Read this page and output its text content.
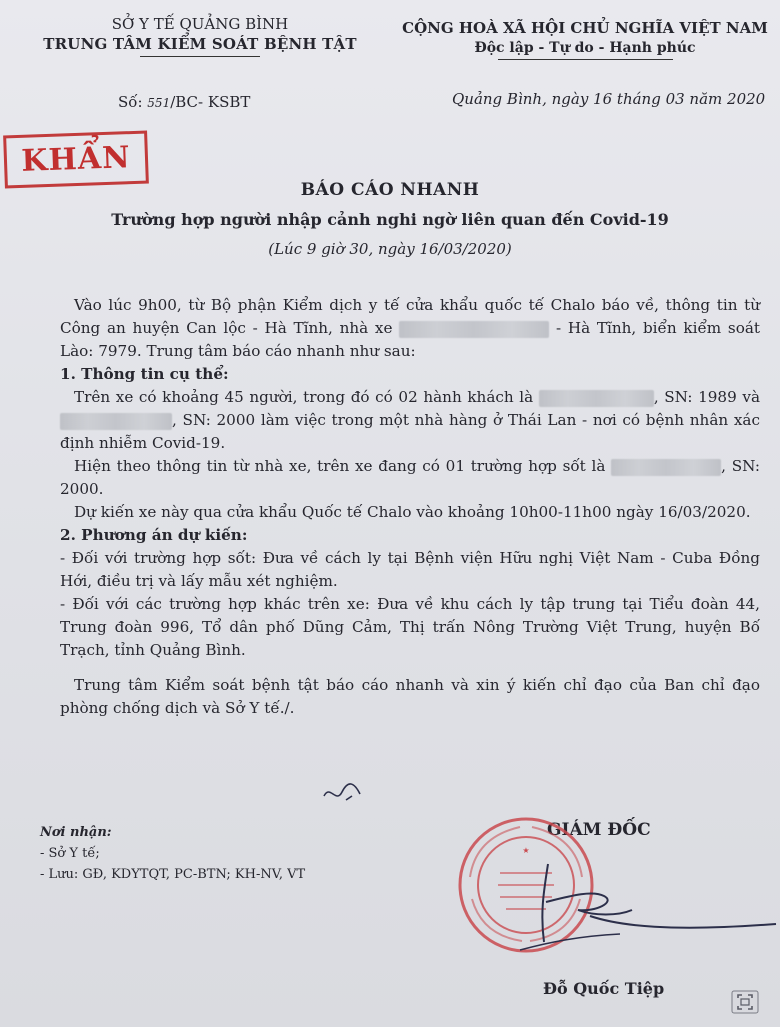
SỞ Y TẾ QUẢNG BÌNH
TRUNG TÂM KIỂM SOÁT BỆNH TẬT
CỘNG HOÀ XÃ HỘI CHỦ NGHĨA VIỆT NAM
Độc lập - Tự do - Hạnh phúc
Số: 551/BC- KSBT	Quảng Bình, ngày 16 tháng 03 năm 2020
KHẨN
BÁO CÁO NHANH
Trường hợp người nhập cảnh nghi ngờ liên quan đến Covid-19
(Lúc 9 giờ 30, ngày 16/03/2020)

Vào lúc 9h00, từ Bộ phận Kiểm dịch y tế cửa khẩu quốc tế Chalo báo về, thông tin từ Công an huyện Can lộc - Hà Tĩnh, nhà xe	- Hà Tĩnh, biển kiểm soát Lào: 7979. Trung tâm báo cáo nhanh như sau:

1. Thông tin cụ thể:

Trên xe có khoảng 45 người, trong đó có 02 hành khách là	, SN: 1989 và , SN: 2000 làm việc trong một nhà hàng ở Thái Lan - nơi có bệnh nhân xác định nhiễm Covid-19.

Hiện theo thông tin từ nhà xe, trên xe đang có 01 trường hợp sốt là	, SN: 2000.

Dự kiến xe này qua cửa khẩu Quốc tế Chalo vào khoảng 10h00-11h00 ngày 16/03/2020.

2. Phương án dự kiến:

- Đối với trường hợp sốt: Đưa về cách ly tại Bệnh viện Hữu nghị Việt Nam - Cuba Đồng Hới, điều trị và lấy mẫu xét nghiệm.

- Đối với các trường hợp khác trên xe: Đưa về khu cách ly tập trung tại Tiểu đoàn 44, Trung đoàn 996, Tổ dân phố Dũng Cảm, Thị trấn Nông Trường Việt Trung, huyện Bố Trạch, tỉnh Quảng Bình.

Trung tâm Kiểm soát bệnh tật báo cáo nhanh và xin ý kiến chỉ đạo của Ban chỉ đạo phòng chống dịch và Sở Y tế./.

Nơi nhận:
- Sở Y tế;
- Lưu: GĐ, KDYTQT, PC-BTN; KH-NV, VT
GIÁM ĐỐC
★
Đỗ Quốc Tiệp
